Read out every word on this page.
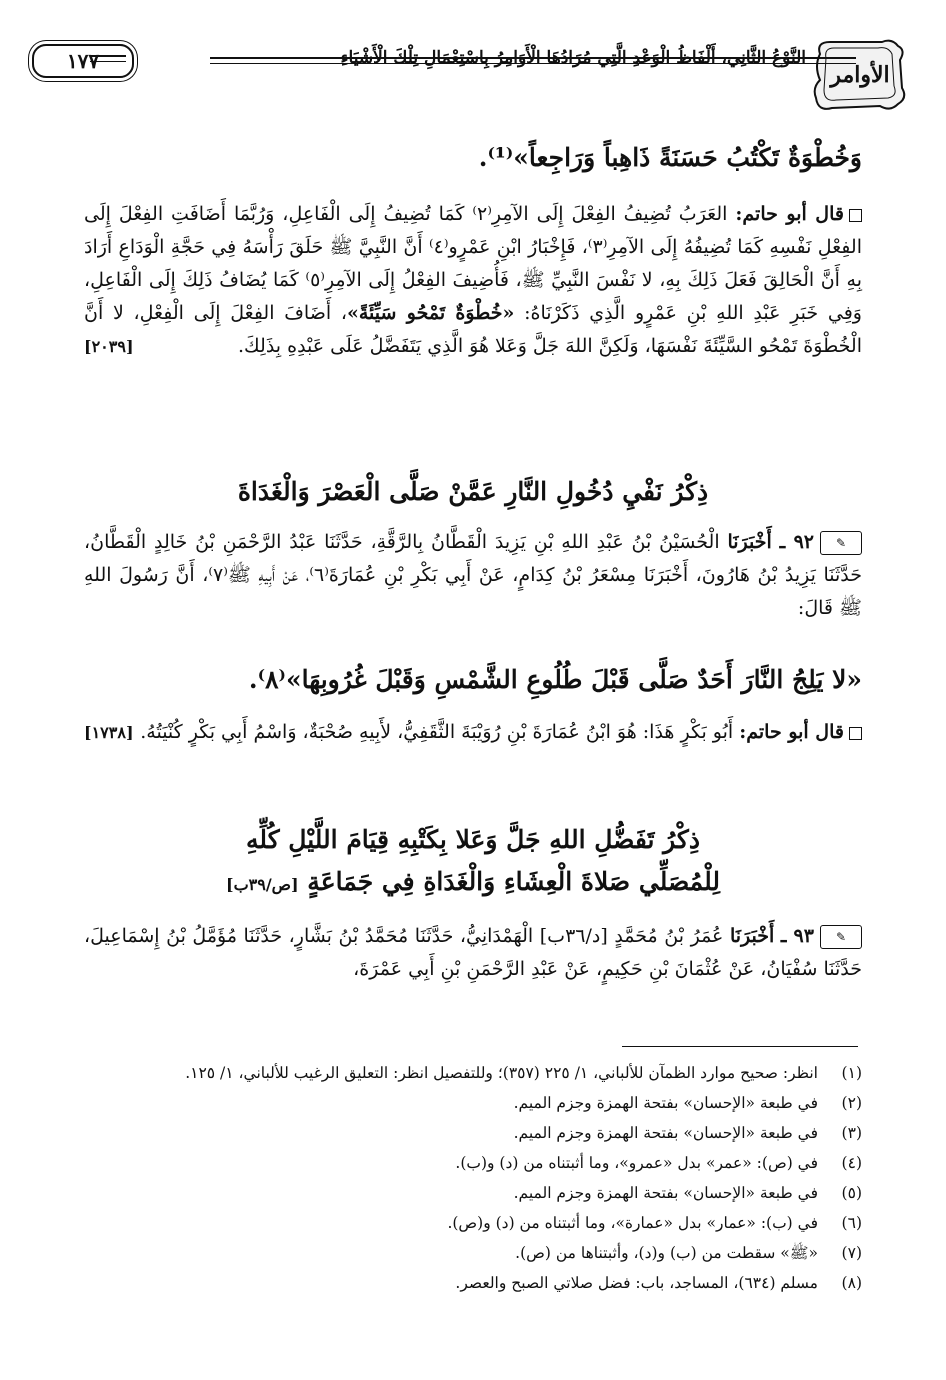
الأوامر
النَّوْعُ الثَّانِي، أَلْفَاظُ الْوَعْدِ الَّتِي مُرَادُهَا الْأَوَامِرُ بِاسْتِعْمَالِ تِلْكَ الْأَشْيَاءِ
١٧٧
وَخُطْوَةٌ تَكْتُبُ حَسَنَةً ذَاهِباً وَرَاجِعاً»⁽¹⁾.
قال أبو حاتم: العَرَبُ تُضِيفُ الفِعْلَ إِلَى الآمِرِ⁽٢⁾ كَمَا تُضِيفُ إِلَى الْفَاعِلِ، وَرُبَّمَا أَضَافَتِ الفِعْلَ إِلَى الفِعْلِ نَفْسِهِ كَمَا تُضِيفُهُ إِلَى الآمِرِ⁽٣⁾، فَإِخْبَارُ ابْنِ عَمْرٍو⁽٤⁾ أَنَّ النَّبِيَّ ﷺ حَلَقَ رَأْسَهُ فِي حَجَّةِ الْوَدَاعِ أَرَادَ بِهِ أَنَّ الْحَالِقَ فَعَلَ ذَلِكَ بِهِ، لا نَفْسَ النَّبِيِّ ﷺ، فَأُضِيفَ الفِعْلُ إِلَى الآمِرِ⁽٥⁾ كَمَا يُضَافُ ذَلِكَ إِلَى الْفَاعِلِ، وَفِي خَبَرِ عَبْدِ اللهِ بْنِ عَمْرٍو الَّذِي ذَكَرْنَاهُ: «خُطْوَةٌ تَمْحُو سَيِّئَةً»، أَضَافَ الفِعْلَ إِلَى الْفِعْلِ، لا أَنَّ الْخُطْوَةَ تَمْحُو السَّيِّئَةَ نَفْسَهَا، وَلَكِنَّ اللهَ جَلَّ وَعَلا هُوَ الَّذِي يَتَفَضَّلُ عَلَى عَبْدِهِ بِذَلِكَ.
[٢٠٣٩]
ذِكْرُ نَفْيِ دُخُولِ النَّارِ عَمَّنْ صَلَّى الْعَصْرَ وَالْغَدَاةَ
✎٩٢ ـ أَخْبَرَنَا الْحُسَيْنُ بْنُ عَبْدِ اللهِ بْنِ يَزِيدَ الْقَطَّانُ بِالرَّقَّةِ، حَدَّثَنَا عَبْدُ الرَّحْمَنِ بْنُ خَالِدٍ الْقَطَّانُ، حَدَّثَنَا يَزِيدُ بْنُ هَارُونَ، أَخْبَرَنَا مِسْعَرُ بْنُ كِدَامٍ، عَنْ أَبِي بَكْرِ بْنِ عُمَارَةَ⁽٦⁾، عَنْ أَبِيهِ ﷺ⁽٧⁾، أَنَّ رَسُولَ اللهِ ﷺ قَالَ:
«لا يَلِجُ النَّارَ أَحَدٌ صَلَّى قَبْلَ طُلُوعِ الشَّمْسِ وَقَبْلَ غُرُوبِهَا»⁽٨⁾.
قال أبو حاتم: أَبُو بَكْرٍ هَذَا: هُوَ ابْنُ عُمَارَةَ بْنِ رُوَيْبَةَ الثَّقَفِيُّ، لأَبِيهِ صُحْبَةٌ، وَاسْمُ أَبِي بَكْرٍ كُنْيَتُهُ.
[١٧٣٨]
ذِكْرُ تَفَضُّلِ اللهِ جَلَّ وَعَلا بِكَتْبِهِ قِيَامَ اللَّيْلِ كُلِّهِ
لِلْمُصَلِّي صَلاةَ الْعِشَاءِ وَالْغَدَاةِ فِي جَمَاعَةٍ [ص/٣٩ب]
✎٩٣ ـ أَخْبَرَنَا عُمَرُ بْنُ مُحَمَّدٍ [د/٣٦ب] الْهَمْدَانِيُّ، حَدَّثَنَا مُحَمَّدُ بْنُ بَشَّارٍ، حَدَّثَنَا مُؤَمَّلُ بْنُ إِسْمَاعِيلَ، حَدَّثَنَا سُفْيَانُ، عَنْ عُثْمَانَ بْنِ حَكِيمٍ، عَنْ عَبْدِ الرَّحْمَنِ بْنِ أَبِي عَمْرَةَ،
(١)
انظر: صحيح موارد الظمآن للألباني، ١/ ٢٢٥ (٣٥٧)؛ وللتفصيل انظر: التعليق الرغيب للألباني، ١/ ١٢٥.
(٢)
في طبعة «الإحسان» بفتحة الهمزة وجزم الميم.
(٣)
في طبعة «الإحسان» بفتحة الهمزة وجزم الميم.
(٤)
في (ص): «عمر» بدل «عمرو»، وما أثبتناه من (د) و(ب).
(٥)
في طبعة «الإحسان» بفتحة الهمزة وجزم الميم.
(٦)
في (ب): «عمار» بدل «عمارة»، وما أثبتناه من (د) و(ص).
(٧)
«ﷺ» سقطت من (ب) و(د)، وأثبتناها من (ص).
(٨)
مسلم (٦٣٤)، المساجد، باب: فضل صلاتي الصبح والعصر.
